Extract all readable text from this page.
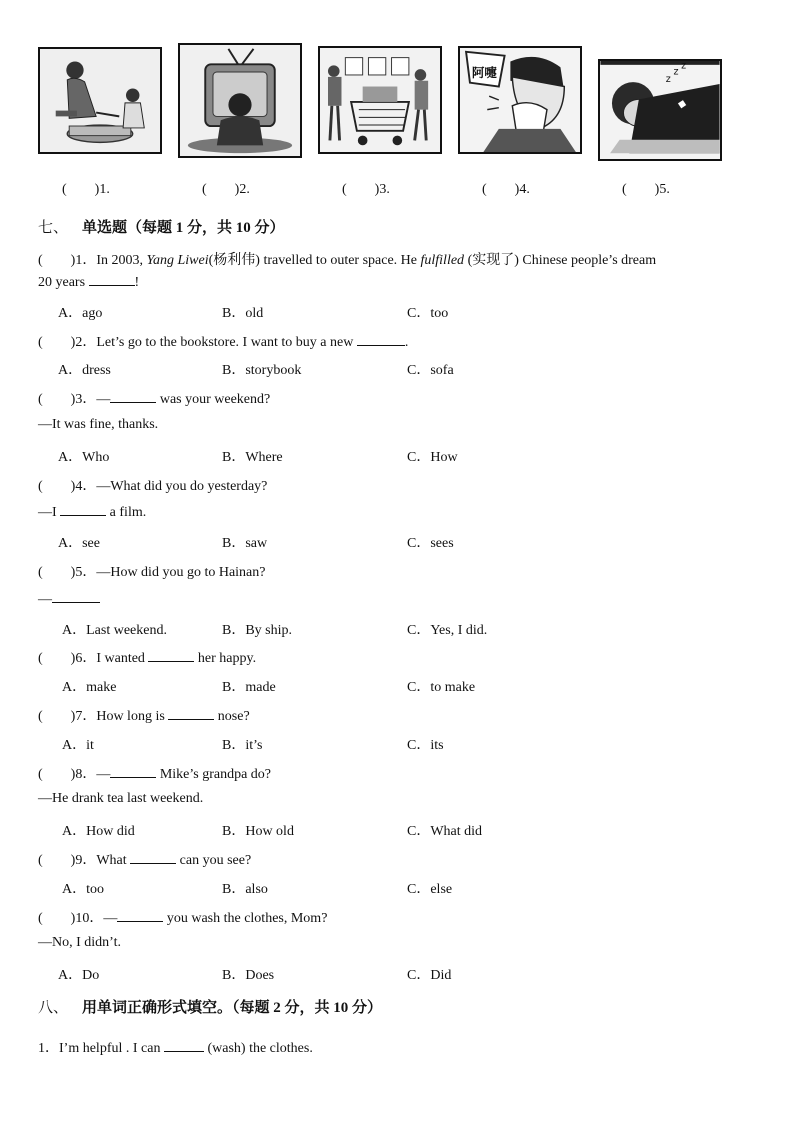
阿嚏	z
z
z
(　　)1.	(　　)2.	(　　)3.	(　　)4.	(　　)5.
七、 单选题（每题 1 分，共 10 分）
(　　)1．In 2003, Yang Liwei(杨利伟) travelled to outer space. He fulfilled (实现了) Chinese people’s dream
20 years	!
A．ago	B．old	C．too
(　　)2．Let’s go to the bookstore. I want to buy a new	.
A．dress	B．storybook	C．sofa
(　　)3．—	was your weekend?
—It was fine, thanks.
A．Who	B．Where	C．How
(　　)4．—What did you do yesterday?
—I	a film.
A．see	B．saw	C．sees
(　　)5．—How did you go to Hainan?
—
A．Last weekend.	B．By ship.	C．Yes, I did.
(　　)6．I wanted	her happy.
A．make	B．made	C．to make
(　　)7．How long is	nose?
A．it	B．it’s	C．its
(　　)8．—	Mike’s grandpa do?
—He drank tea last weekend.
A．How did	B．How old	C．What did
(　　)9．What	can you see?
A．too	B．also	C．else
(　　)10．—	you wash the clothes, Mom?
—No, I didn’t.
A．Do	B．Does	C．Did
八、 用单词正确形式填空。（每题 2 分，共 10 分）
1．I’m helpful . I can	(wash) the clothes.
